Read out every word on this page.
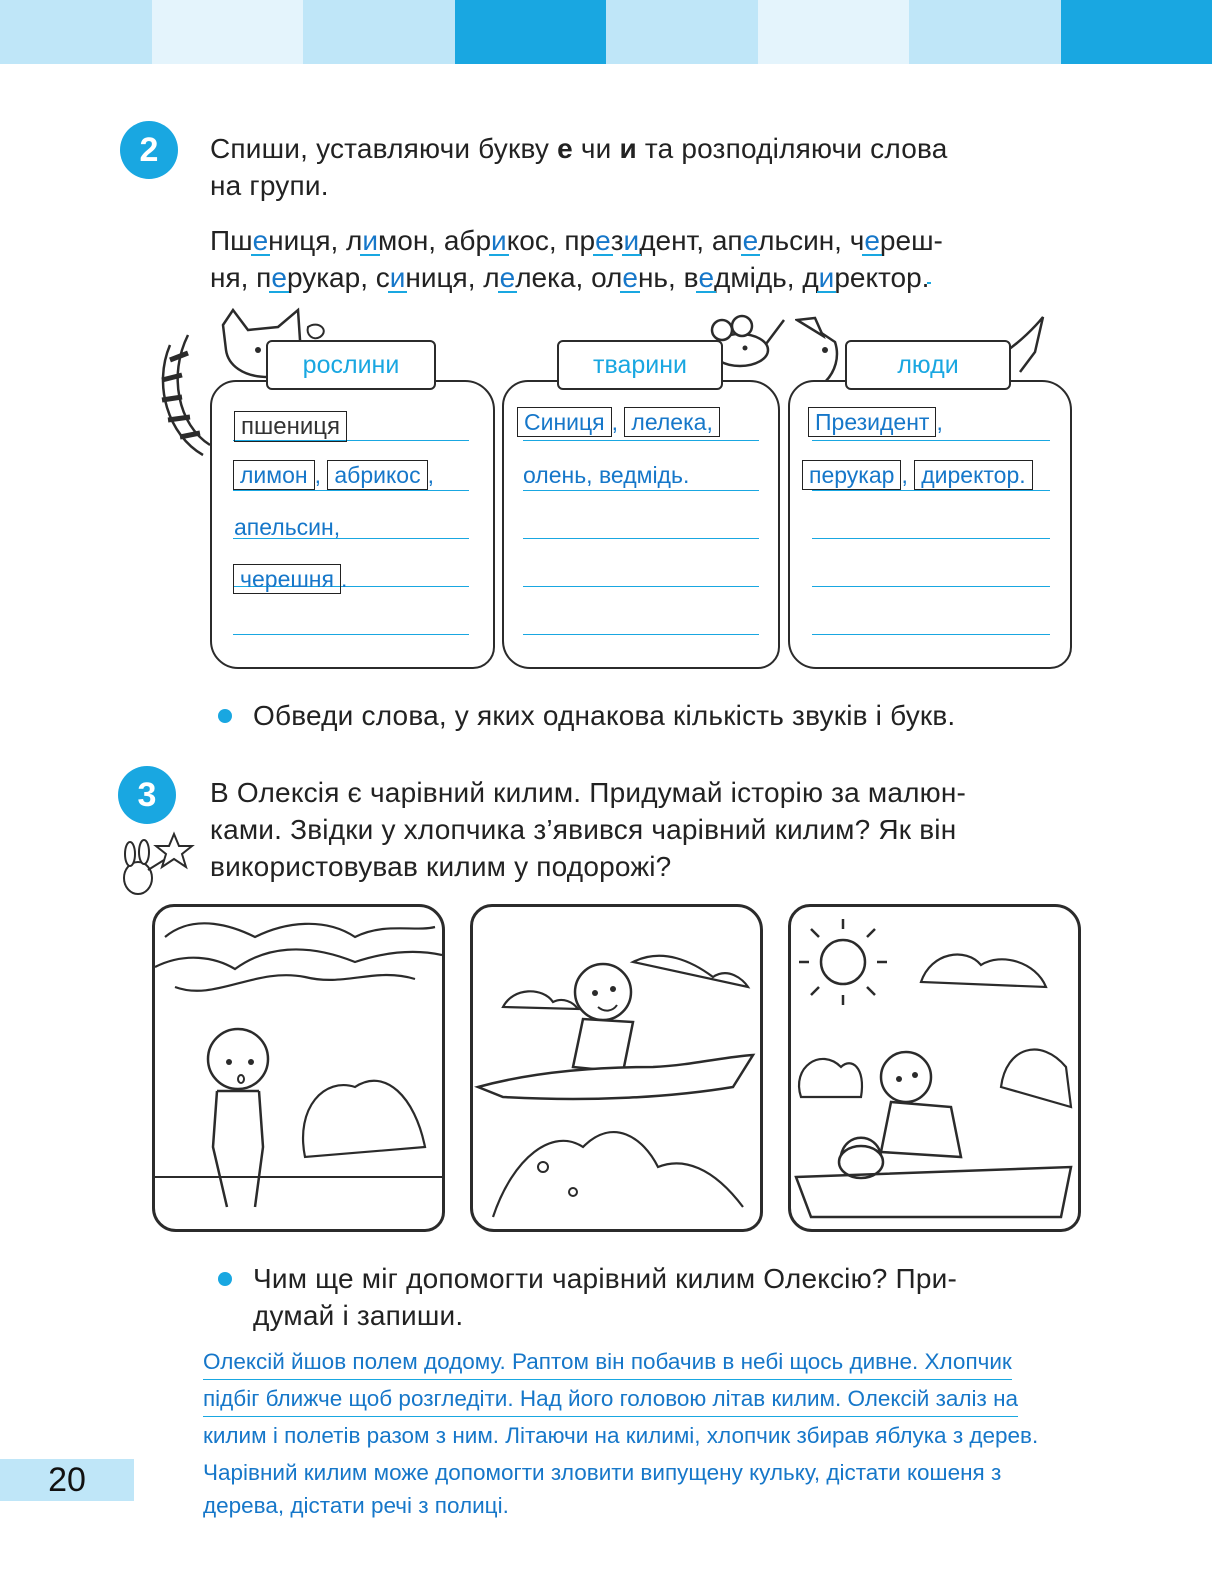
2	Спиши, уставляючи букву е чи и та розподіляючи слова
на групи.
Пшениця, лимон, абрикос, президент, апельсин, череш-
ня, перукар, синиця, лелека, олень, ведмідь, директор.
рослини	тварини	люди
пшениця
лимон , абрикос ,
апельсин,
черешня .
Синиця , лелека,
олень, ведмідь.
Президент ,
перукар , директор.
Обведи слова, у яких однакова кількість звуків і букв.
3	В Олексія є чарівний килим. Придумай історію за малюн-
ками. Звідки у хлопчика з’явився чарівний килим? Як він
використовував килим у подорожі?
Чим ще міг допомогти чарівний килим Олексію? При-
думай і запиши.
Олексій йшов полем додому. Раптом він побачив в небі щось дивне. Хлопчик
підбіг ближче щоб розгледіти. Над його головою літав килим. Олексій заліз на
килим і полетів разом з ним. Літаючи на килимі, хлопчик збирав яблука з дерев.
Чарівний килим може допомогти зловити випущену кульку, дістати кошеня з
дерева, дістати речі з полиці.
20
